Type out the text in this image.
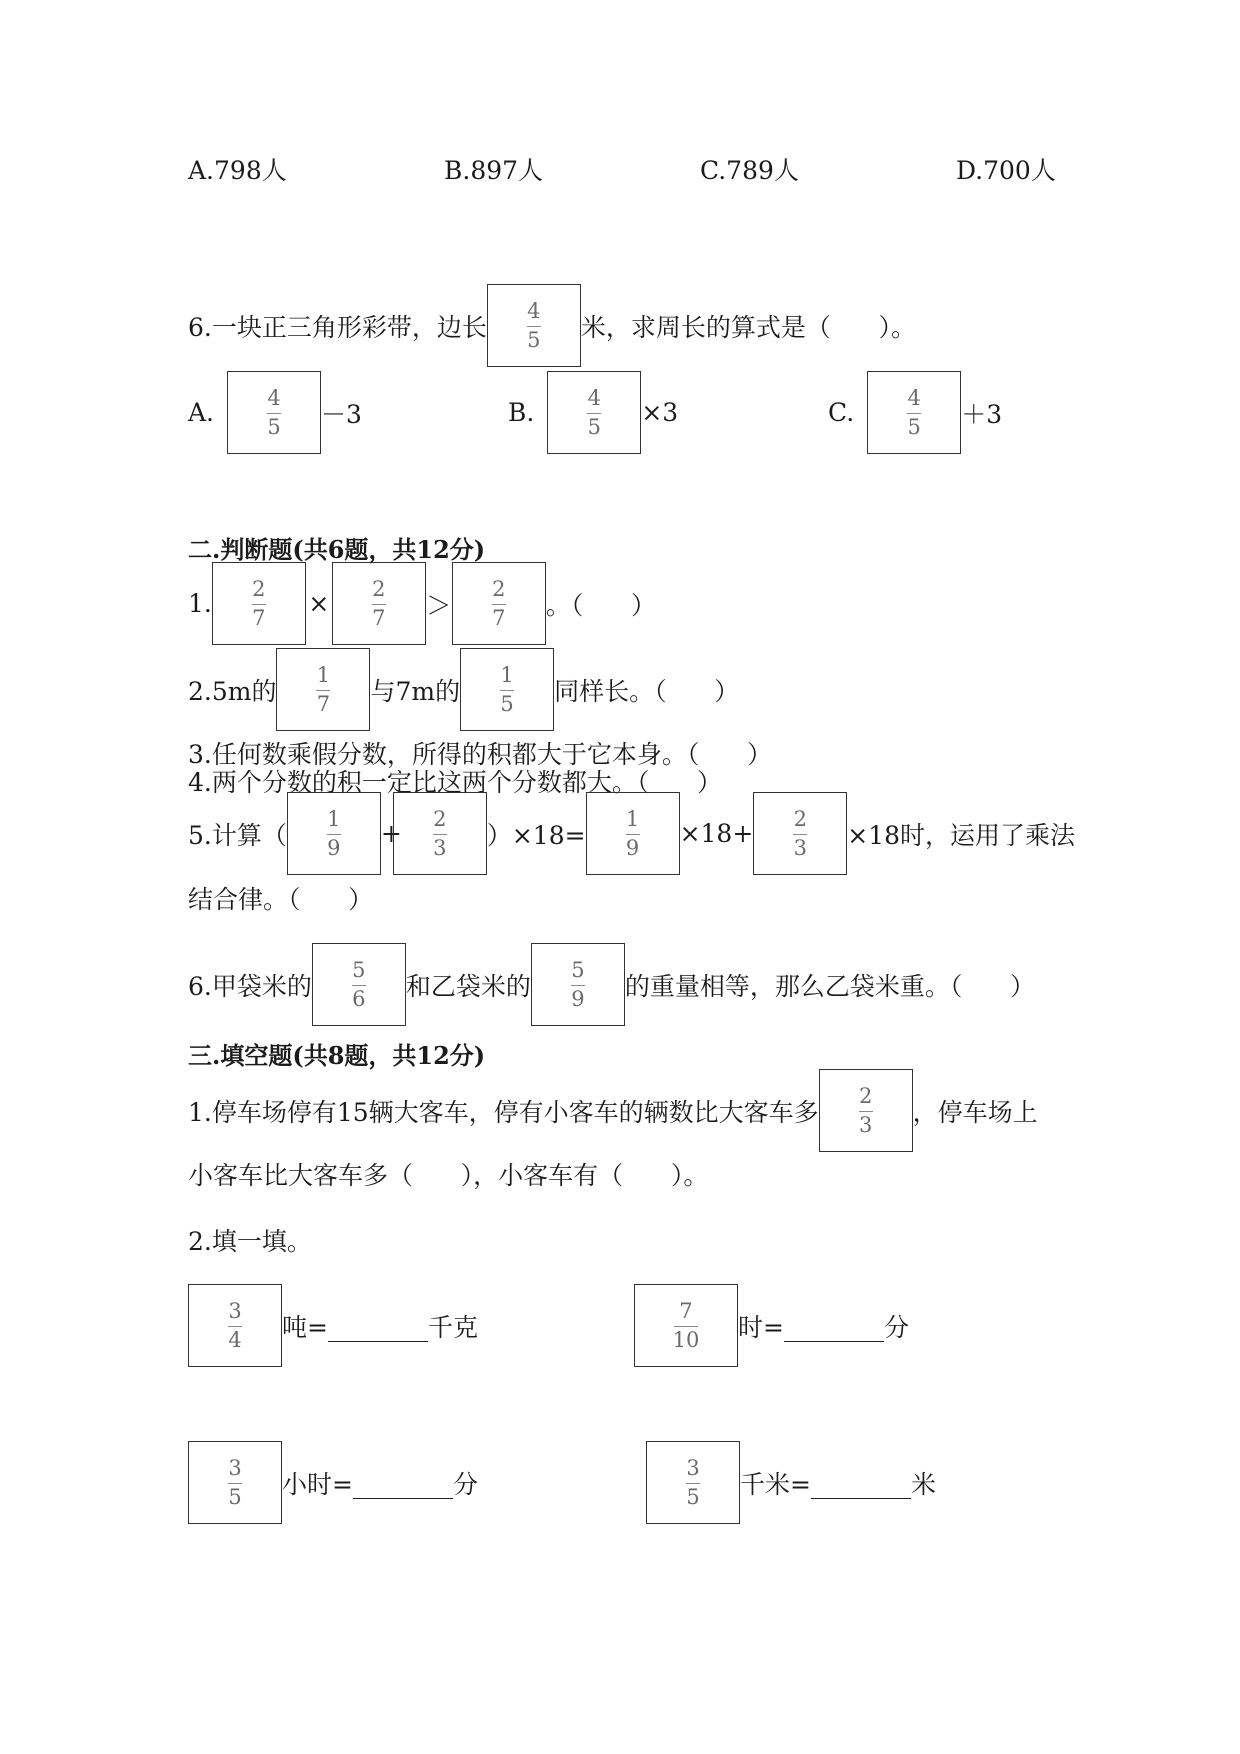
A.798人	B.897人	C.789人	D.700人
6.一块正三角形彩带，边长 $\frac{4}{5}$ 米，求周长的算式是（      ）。
A.	$\frac{4}{5} -3$	B.	$\frac{4}{5} \times 3$	C.	$\frac{4}{5} +3$
二.判断题(共6题，共12分)
1. $\frac{2}{7} \times \frac{2}{7} > \frac{2}{7}$ 。（      ）
2.5m的 $\frac{1}{7}$ 与7m的 $\frac{1}{5}$ 同样长。（      ）
3.任何数乘假分数，所得的积都大于它本身。（      ）
4.两个分数的积一定比这两个分数都大。（      ）
5.计算（ $\frac{1}{9} + \frac{2}{3} )\times 18= \frac{1}{9} \times 18+ \frac{2}{3} \times 18$时，运用了乘法
结合律。（      ）
6.甲袋米的 $\frac{5}{6}$ 和乙袋米的 $\frac{5}{9}$ 的重量相等，那么乙袋米重。（      ）
三.填空题(共8题，共12分)
1.停车场停有15辆大客车，停有小客车的辆数比大客车多 $\frac{2}{3}$ ，停车场上
小客车比大客车多（      ），小客车有（      ）。
2.填一填。
$\frac{3}{4}$ 吨=________千克	$\frac{7}{10}$ 时=________分
$\frac{3}{5}$ 小时=________分	$\frac{3}{5}$ 千米=________米
